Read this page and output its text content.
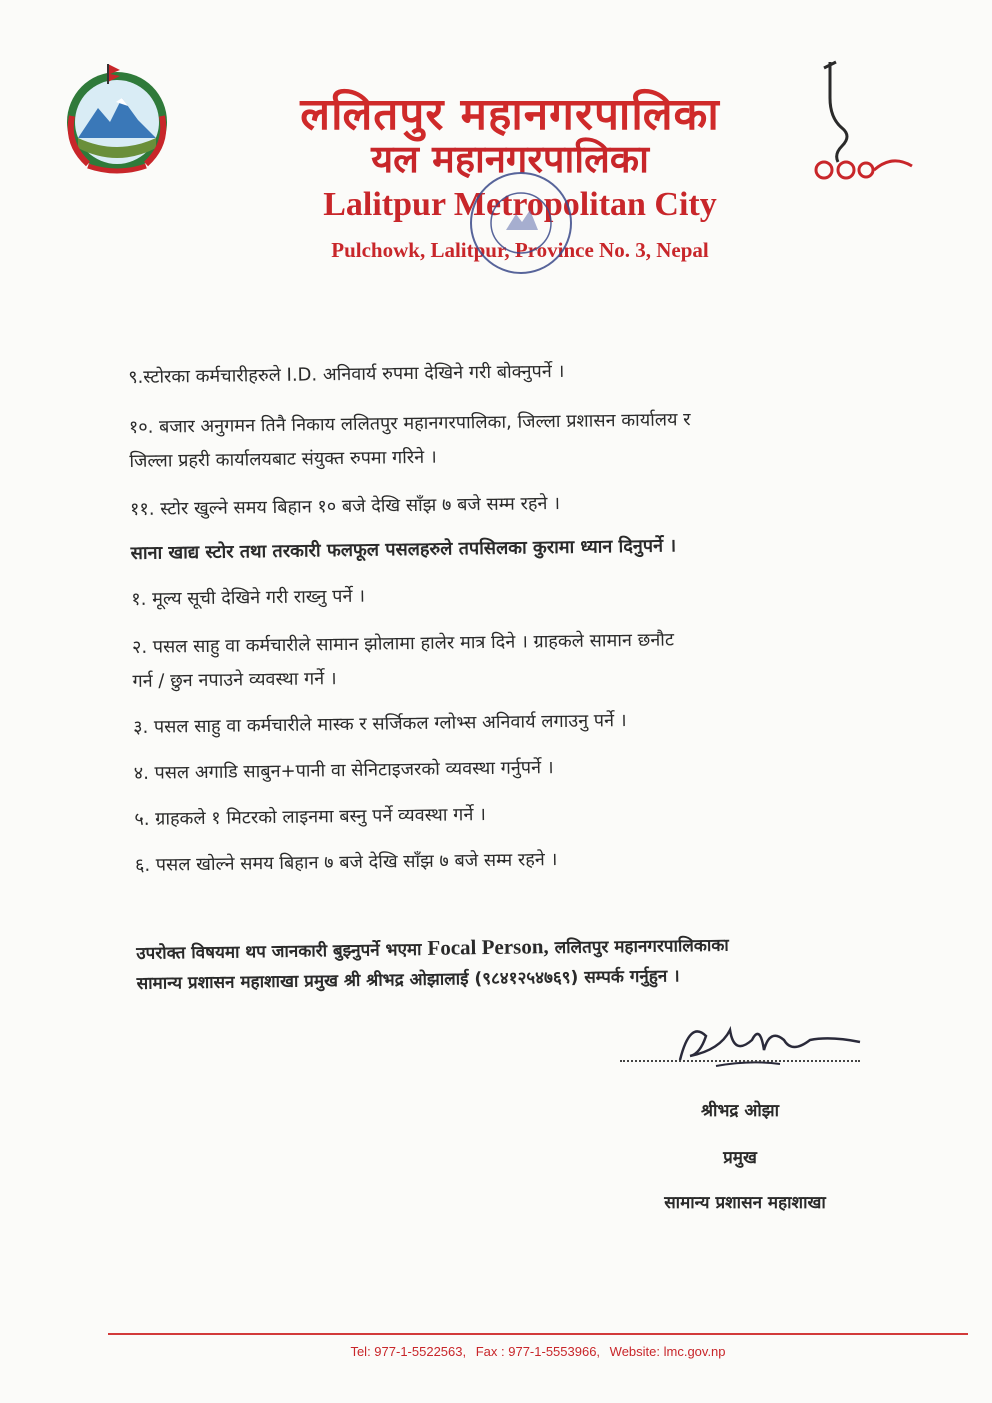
ललितपुर महानगरपालिका
यल महानगरपालिका
Lalitpur Metropolitan City
Pulchowk, Lalitpur, Province No. 3, Nepal
९.स्टोरका कर्मचारीहरुले I.D. अनिवार्य रुपमा देखिने गरी बोक्नुपर्ने ।
१०. बजार अनुगमन तिनै निकाय ललितपुर महानगरपालिका, जिल्ला प्रशासन कार्यालय र
जिल्ला प्रहरी कार्यालयबाट संयुक्त रुपमा गरिने ।
११. स्टोर खुल्ने समय बिहान १० बजे देखि साँझ ७ बजे सम्म रहने ।
साना खाद्य स्टोर तथा तरकारी फलफूल पसलहरुले तपसिलका कुरामा ध्यान दिनुपर्ने ।
१. मूल्य सूची देखिने गरी राख्नु पर्ने ।
२. पसल साहु वा कर्मचारीले सामान झोलामा हालेर मात्र दिने । ग्राहकले सामान छनौट
गर्न / छुन नपाउने व्यवस्था गर्ने ।
३. पसल साहु वा कर्मचारीले मास्क र सर्जिकल ग्लोभ्स अनिवार्य लगाउनु पर्ने ।
४. पसल अगाडि साबुन+पानी वा सेनिटाइजरको व्यवस्था गर्नुपर्ने ।
५. ग्राहकले १ मिटरको लाइनमा बस्नु पर्ने व्यवस्था गर्ने ।
६. पसल खोल्ने समय बिहान ७ बजे देखि साँझ ७ बजे सम्म रहने ।
उपरोक्त विषयमा थप जानकारी बुझ्नुपर्ने भएमा Focal Person, ललितपुर महानगरपालिकाका
सामान्य प्रशासन महाशाखा प्रमुख श्री श्रीभद्र ओझालाई (९८४१२५४७६९) सम्पर्क गर्नुहुन ।
श्रीभद्र ओझा
प्रमुख
सामान्य प्रशासन महाशाखा
Tel: 977-1-5522563, Fax : 977-1-5553966, Website: lmc.gov.np
